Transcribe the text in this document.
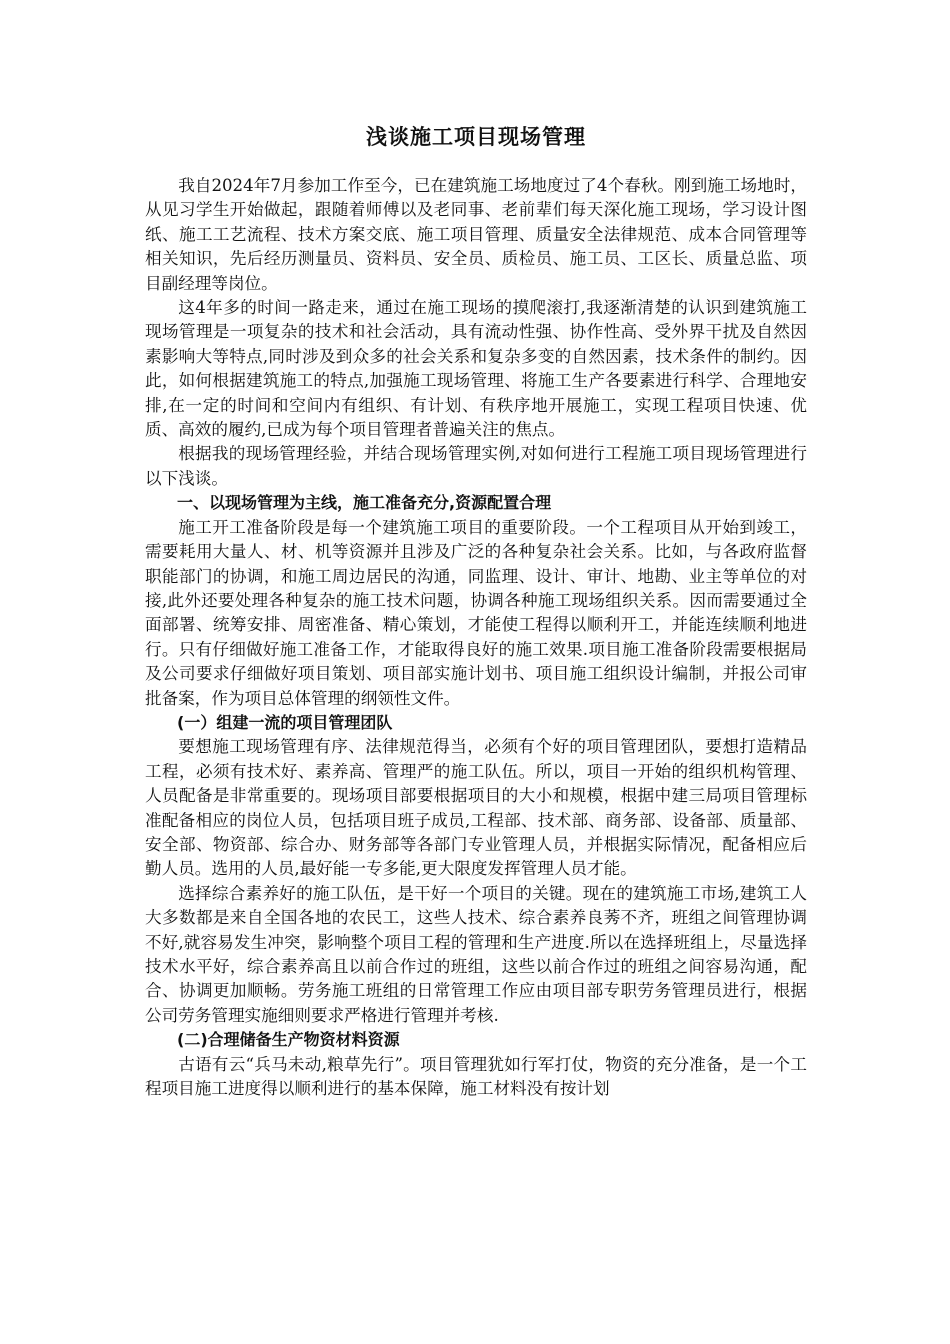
浅谈施工项目现场管理

我自2024年7月参加工作至今，已在建筑施工场地度过了4个春秋。刚到施工场地时，从见习学生开始做起，跟随着师傅以及老同事、老前辈们每天深化施工现场，学习设计图纸、施工工艺流程、技术方案交底、施工项目管理、质量安全法律规范、成本合同管理等相关知识，先后经历测量员、资料员、安全员、质检员、施工员、工区长、质量总监、项目副经理等岗位。

这4年多的时间一路走来，通过在施工现场的摸爬滚打,我逐渐清楚的认识到建筑施工现场管理是一项复杂的技术和社会活动，具有流动性强、协作性高、受外界干扰及自然因素影响大等特点,同时涉及到众多的社会关系和复杂多变的自然因素，技术条件的制约。因此，如何根据建筑施工的特点,加强施工现场管理、将施工生产各要素进行科学、合理地安排,在一定的时间和空间内有组织、有计划、有秩序地开展施工，实现工程项目快速、优质、高效的履约,已成为每个项目管理者普遍关注的焦点。

根据我的现场管理经验，并结合现场管理实例,对如何进行工程施工项目现场管理进行以下浅谈。

一、以现场管理为主线，施工准备充分,资源配置合理

施工开工准备阶段是每一个建筑施工项目的重要阶段。一个工程项目从开始到竣工，需要耗用大量人、材、机等资源并且涉及广泛的各种复杂社会关系。比如，与各政府监督职能部门的协调，和施工周边居民的沟通，同监理、设计、审计、地勘、业主等单位的对接,此外还要处理各种复杂的施工技术问题，协调各种施工现场组织关系。因而需要通过全面部署、统筹安排、周密准备、精心策划，才能使工程得以顺利开工，并能连续顺利地进行。只有仔细做好施工准备工作，才能取得良好的施工效果.项目施工准备阶段需要根据局及公司要求仔细做好项目策划、项目部实施计划书、项目施工组织设计编制，并报公司审批备案，作为项目总体管理的纲领性文件。

(一）组建一流的项目管理团队

要想施工现场管理有序、法律规范得当，必须有个好的项目管理团队，要想打造精品工程，必须有技术好、素养高、管理严的施工队伍。所以，项目一开始的组织机构管理、人员配备是非常重要的。现场项目部要根据项目的大小和规模，根据中建三局项目管理标准配备相应的岗位人员，包括项目班子成员,工程部、技术部、商务部、设备部、质量部、安全部、物资部、综合办、财务部等各部门专业管理人员，并根据实际情况，配备相应后勤人员。选用的人员,最好能一专多能,更大限度发挥管理人员才能。

选择综合素养好的施工队伍，是干好一个项目的关键。现在的建筑施工市场,建筑工人大多数都是来自全国各地的农民工，这些人技术、综合素养良莠不齐，班组之间管理协调不好,就容易发生冲突，影响整个项目工程的管理和生产进度.所以在选择班组上，尽量选择技术水平好，综合素养高且以前合作过的班组，这些以前合作过的班组之间容易沟通，配合、协调更加顺畅。劳务施工班组的日常管理工作应由项目部专职劳务管理员进行，根据公司劳务管理实施细则要求严格进行管理并考核.

(二)合理储备生产物资材料资源

古语有云“兵马未动,粮草先行”。项目管理犹如行军打仗，物资的充分准备，是一个工程项目施工进度得以顺利进行的基本保障，施工材料没有按计划
